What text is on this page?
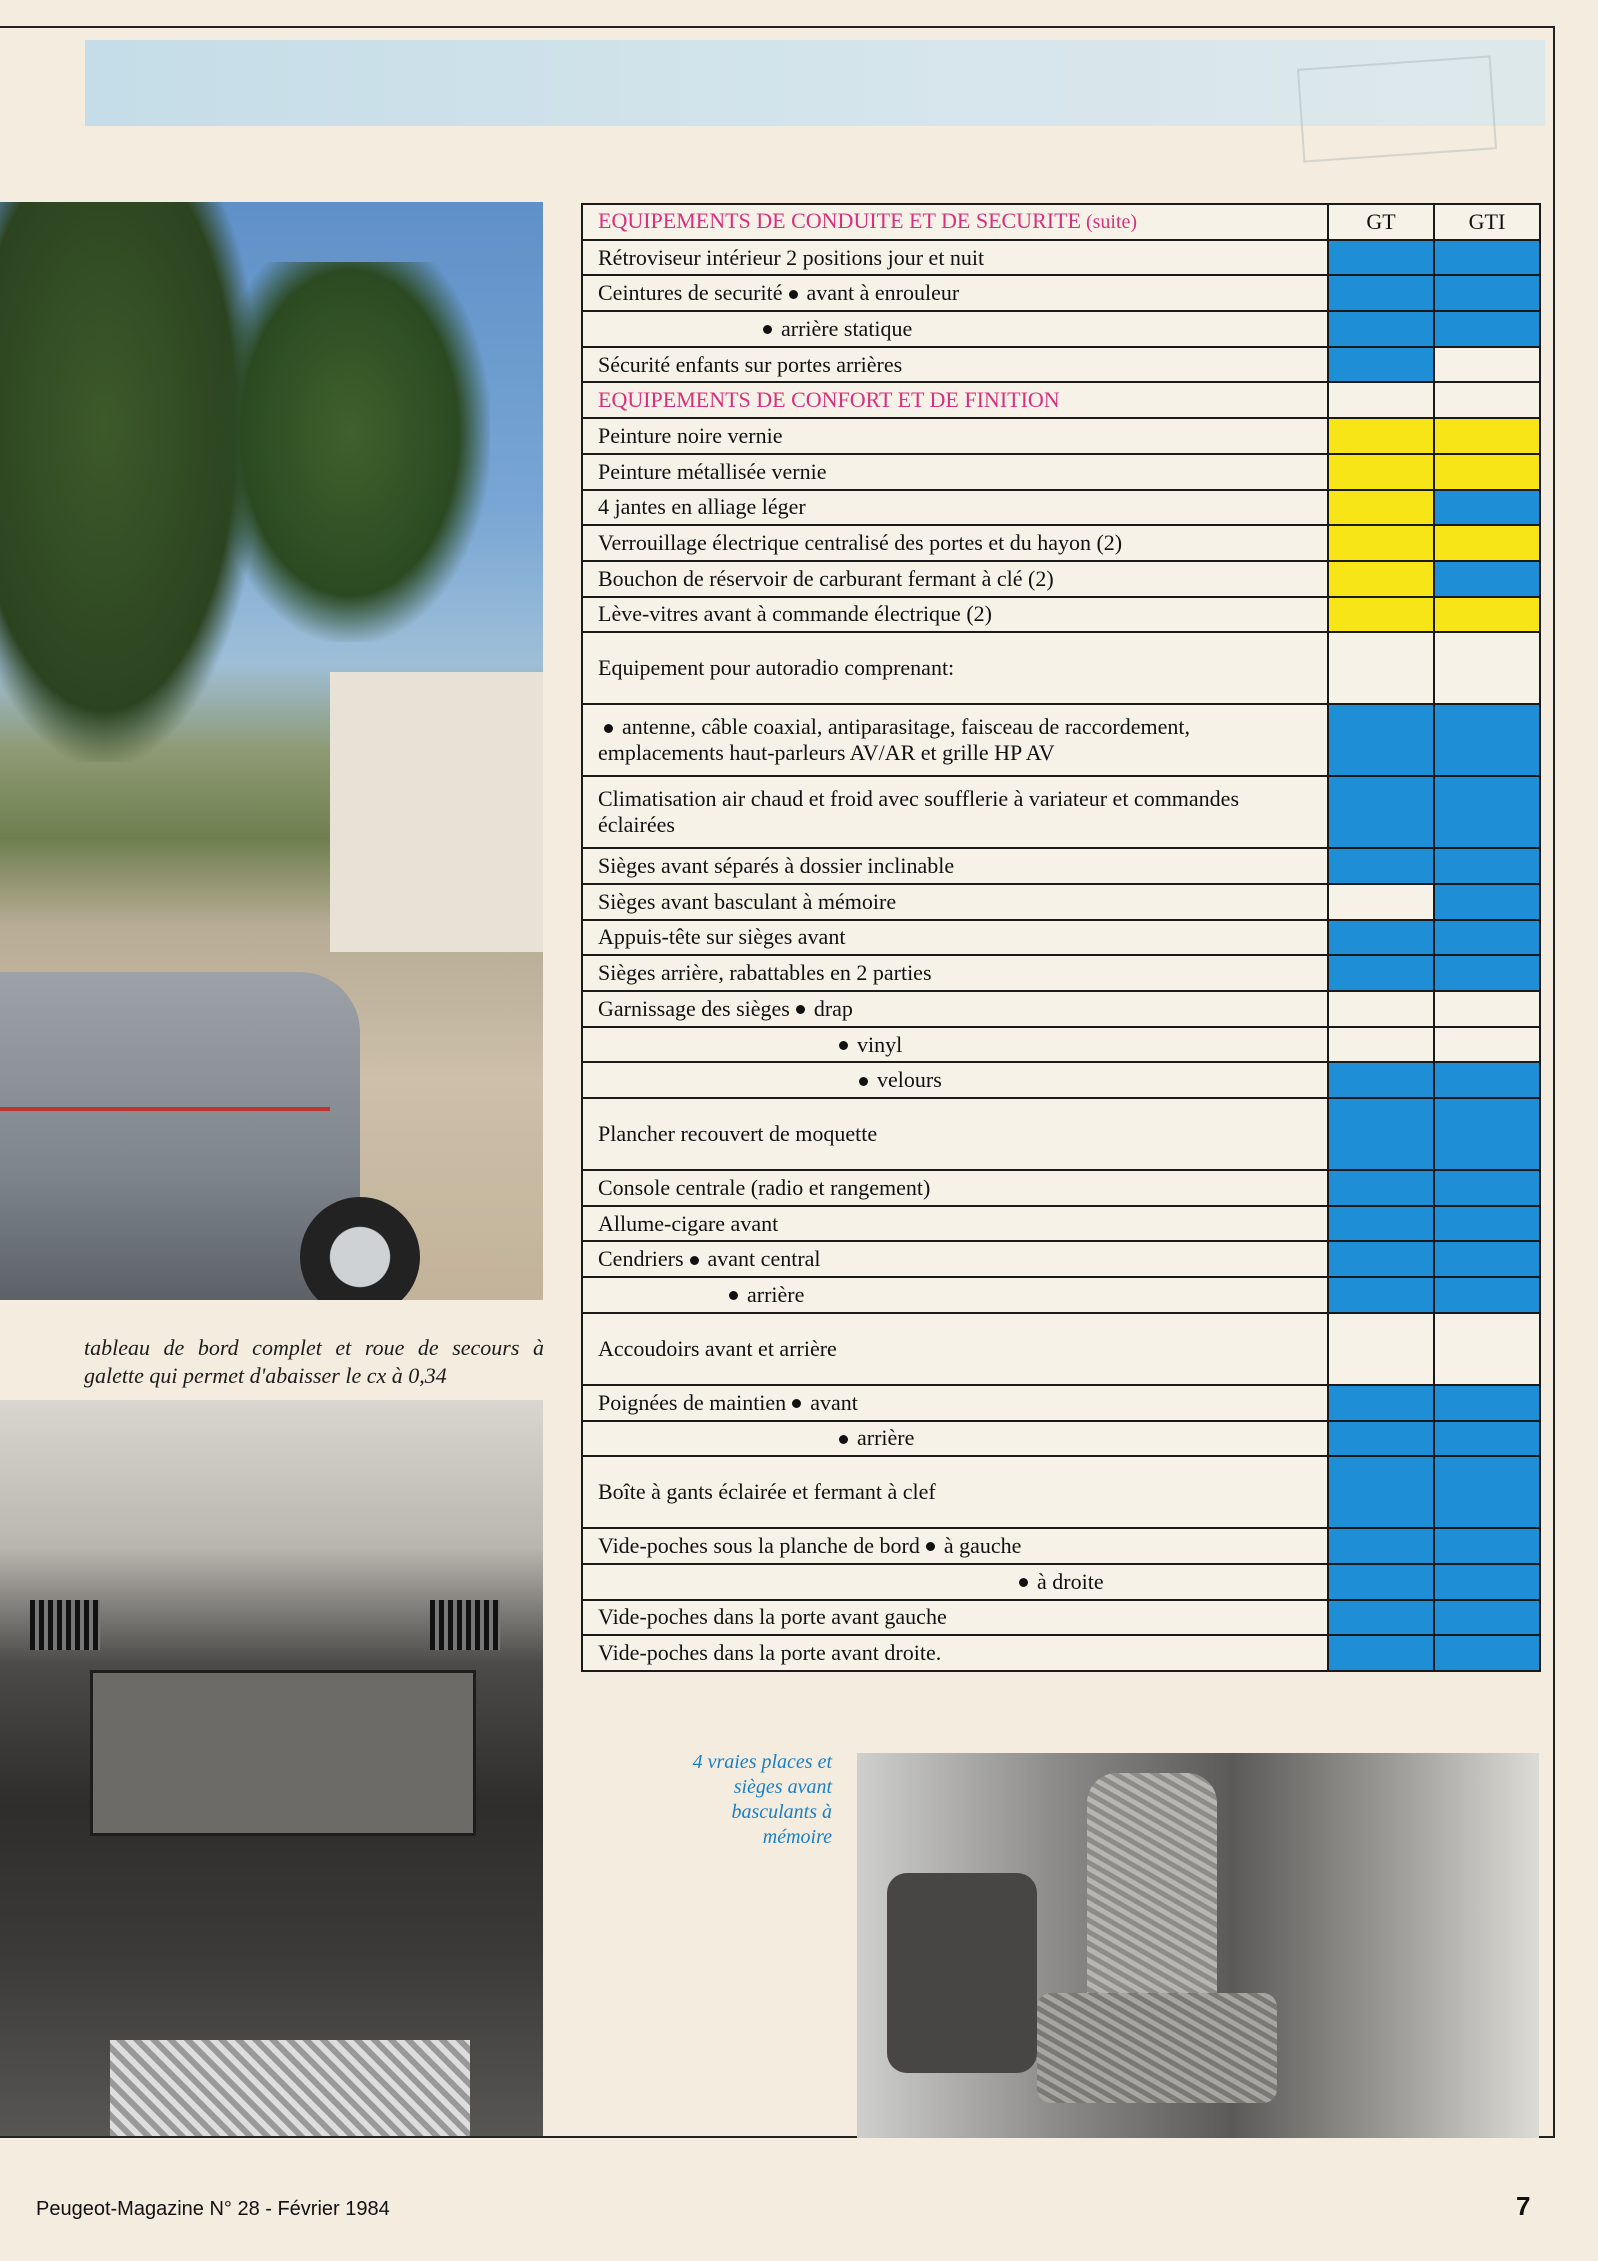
tableau de bord complet et roue de secours à galette qui permet d'abaisser le cx à 0,34
EQUIPEMENTS DE CONDUITE ET DE SECURITE (suite)	GT	GTI
Rétroviseur intérieur 2 positions jour et nuit		
Ceintures de securité avant à enrouleur		
arrière statique		
Sécurité enfants sur portes arrières		
EQUIPEMENTS DE CONFORT ET DE FINITION		
Peinture noire vernie		
Peinture métallisée vernie		
4 jantes en alliage léger		
Verrouillage électrique centralisé des portes et du hayon (2)		
Bouchon de réservoir de carburant fermant à clé (2)		
Lève-vitres avant à commande électrique (2)		
Equipement pour autoradio comprenant:		
antenne, câble coaxial, antiparasitage, faisceau de raccordement, emplacements haut-parleurs AV/AR et grille HP AV		
Climatisation air chaud et froid avec soufflerie à variateur et commandes éclairées		
Sièges avant séparés à dossier inclinable		
Sièges avant basculant à mémoire		
Appuis-tête sur sièges avant		
Sièges arrière, rabattables en 2 parties		
Garnissage des sièges drap		
vinyl		
velours		
Plancher recouvert de moquette		
Console centrale (radio et rangement)		
Allume-cigare avant		
Cendriers avant central		
arrière		
Accoudoirs avant et arrière		
Poignées de maintien avant		
arrière		
Boîte à gants éclairée et fermant à clef		
Vide-poches sous la planche de bord à gauche		
à droite		
Vide-poches dans la porte avant gauche		
Vide-poches dans la porte avant droite.		
4 vraies places et sièges avant basculants à mémoire
Peugeot-Magazine N° 28 - Février 1984	7
